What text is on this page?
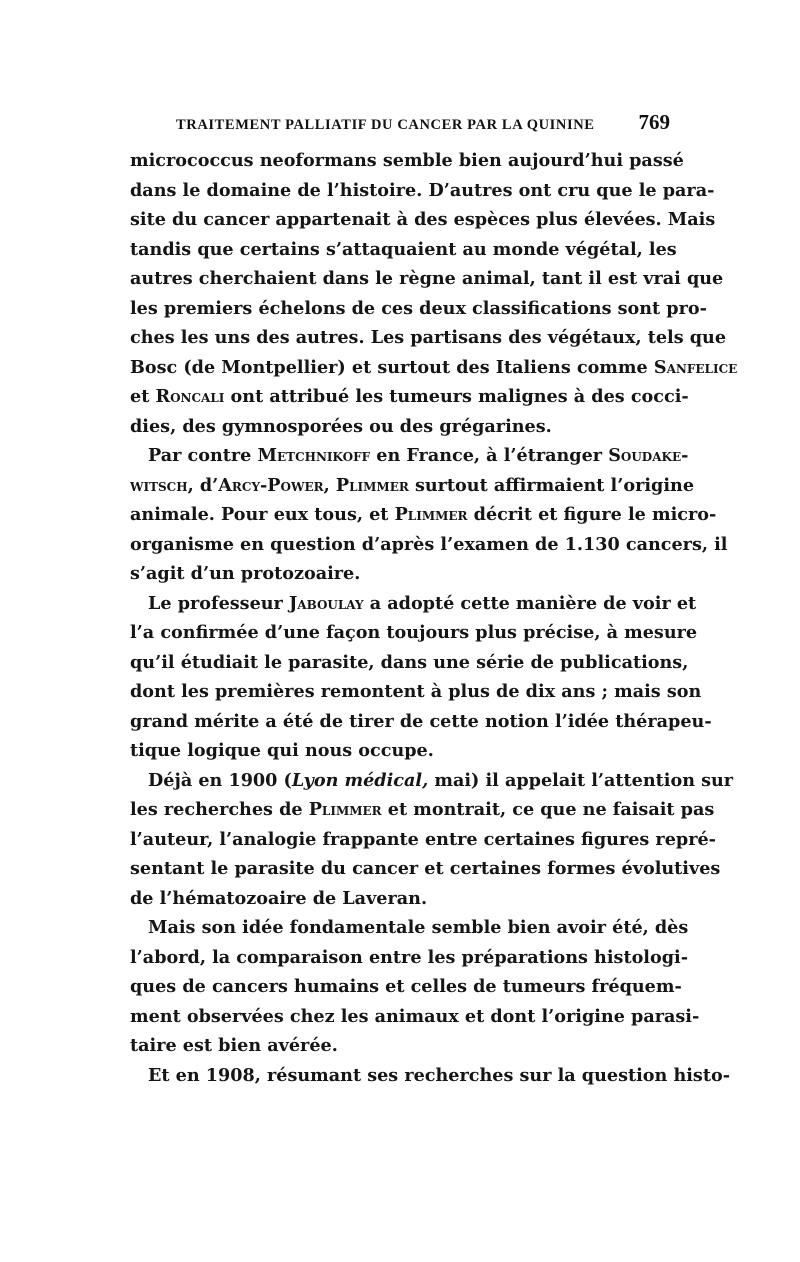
TRAITEMENT PALLIATIF DU CANCER PAR LA QUININE 769
micrococcus neoformans semble bien aujourd’hui passé
dans le domaine de l’histoire. D’autres ont cru que le para-
site du cancer appartenait à des espèces plus élevées. Mais
tandis que certains s’attaquaient au monde végétal, les
autres cherchaient dans le règne animal, tant il est vrai que
les premiers échelons de ces deux classifications sont pro-
ches les uns des autres. Les partisans des végétaux, tels que
Bosc (de Montpellier) et surtout des Italiens comme Sanfelice
et Roncali ont attribué les tumeurs malignes à des cocci-
dies, des gymnosporées ou des grégarines.
Par contre Metchnikoff en France, à l’étranger Soudake-
witsch, d’Arcy-Power, Plimmer surtout affirmaient l’origine
animale. Pour eux tous, et Plimmer décrit et figure le micro-
organisme en question d’après l’examen de 1.130 cancers, il
s’agit d’un protozoaire.
Le professeur Jaboulay a adopté cette manière de voir et
l’a confirmée d’une façon toujours plus précise, à mesure
qu’il étudiait le parasite, dans une série de publications,
dont les premières remontent à plus de dix ans ; mais son
grand mérite a été de tirer de cette notion l’idée thérapeu-
tique logique qui nous occupe.
Déjà en 1900 (Lyon médical, mai) il appelait l’attention sur
les recherches de Plimmer et montrait, ce que ne faisait pas
l’auteur, l’analogie frappante entre certaines figures repré-
sentant le parasite du cancer et certaines formes évolutives
de l’hématozoaire de Laveran.
Mais son idée fondamentale semble bien avoir été, dès
l’abord, la comparaison entre les préparations histologi-
ques de cancers humains et celles de tumeurs fréquem-
ment observées chez les animaux et dont l’origine parasi-
taire est bien avérée.
Et en 1908, résumant ses recherches sur la question histo-
